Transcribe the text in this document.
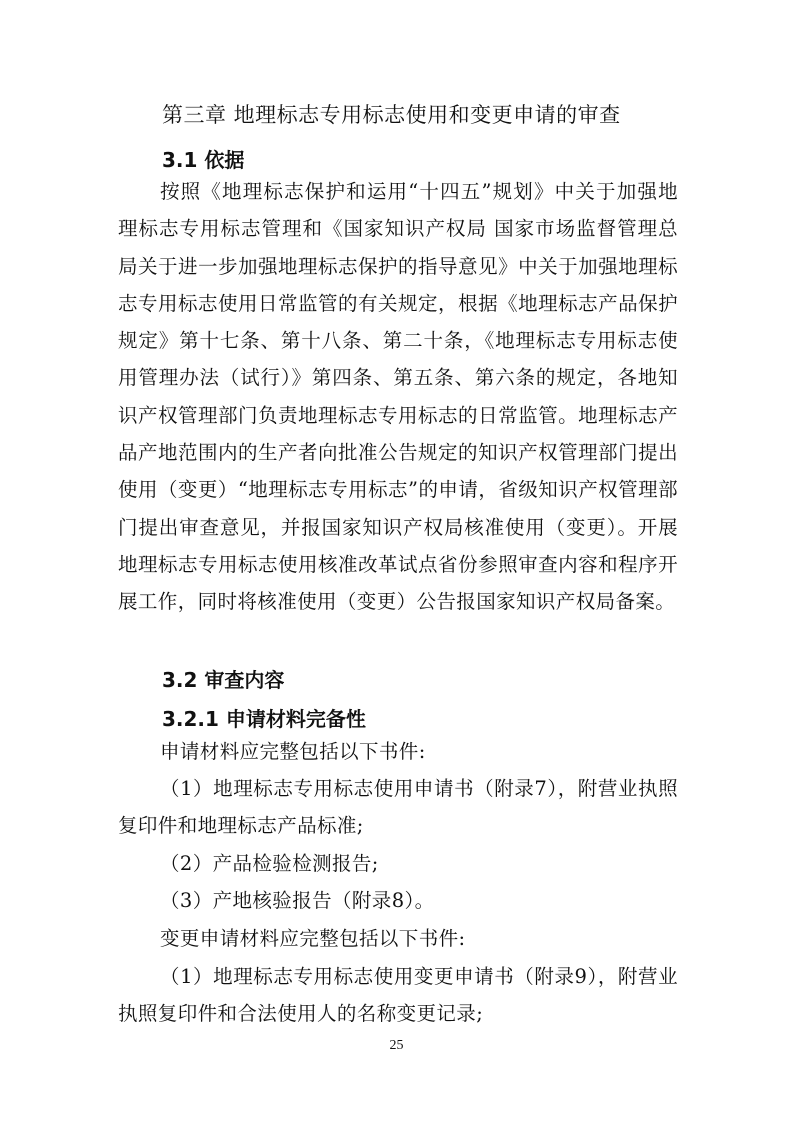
第三章 地理标志专用标志使用和变更申请的审查
3.1 依据
按照《地理标志保护和运用“十四五”规划》中关于加强地理标志专用标志管理和《国家知识产权局 国家市场监督管理总局关于进一步加强地理标志保护的指导意见》中关于加强地理标志专用标志使用日常监管的有关规定，根据《地理标志产品保护规定》第十七条、第十八条、第二十条，《地理标志专用标志使用管理办法（试行）》第四条、第五条、第六条的规定，各地知识产权管理部门负责地理标志专用标志的日常监管。地理标志产品产地范围内的生产者向批准公告规定的知识产权管理部门提出使用（变更）“地理标志专用标志”的申请，省级知识产权管理部门提出审查意见，并报国家知识产权局核准使用（变更）。开展地理标志专用标志使用核准改革试点省份参照审查内容和程序开展工作，同时将核准使用（变更）公告报国家知识产权局备案。
3.2 审查内容
3.2.1 申请材料完备性
申请材料应完整包括以下书件:
（1）地理标志专用标志使用申请书（附录7），附营业执照复印件和地理标志产品标准;
（2）产品检验检测报告;
（3）产地核验报告（附录8）。
变更申请材料应完整包括以下书件:
（1）地理标志专用标志使用变更申请书（附录9），附营业执照复印件和合法使用人的名称变更记录;
25
